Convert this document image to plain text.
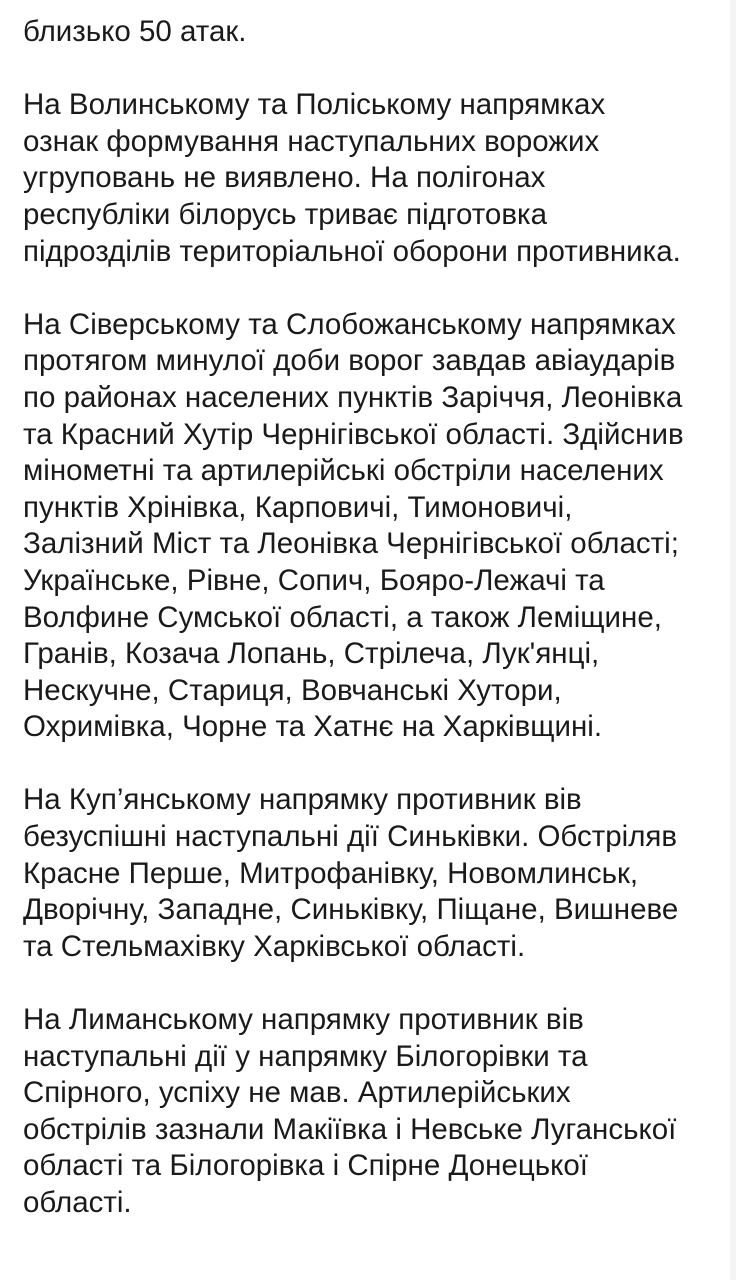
близько 50 атак.

На Волинському та Поліському напрямках
ознак формування наступальних ворожих
угруповань не виявлено. На полігонах
республіки білорусь триває підготовка
підрозділів територіальної оборони противника.

На Сіверському та Слобожанському напрямках
протягом минулої доби ворог завдав авіаударів
по районах населених пунктів Заріччя, Леонівка
та Красний Хутір Чернігівської області. Здійснив
мінометні та артилерійські обстріли населених
пунктів Хрінівка, Карповичі, Тимоновичі,
Залізний Міст та Леонівка Чернігівської області;
Українське, Рівне, Сопич, Бояро-Лежачі та
Волфине Сумської області, а також Леміщине,
Гранів, Козача Лопань, Стрілеча, Лук'янці,
Нескучне, Стариця, Вовчанські Хутори,
Охримівка, Чорне та Хатнє на Харківщині.

На Куп’янському напрямку противник вів
безуспішні наступальні дії Синьківки. Обстріляв
Красне Перше, Митрофанівку, Новомлинськ,
Дворічну, Западне, Синьківку, Піщане, Вишневе
та Стельмахівку Харківської області.

На Лиманському напрямку противник вів
наступальні дії у напрямку Білогорівки та
Спірного, успіху не мав. Артилерійських
обстрілів зазнали Макіївка і Невське Луганської
області та Білогорівка і Спірне Донецької
області.
